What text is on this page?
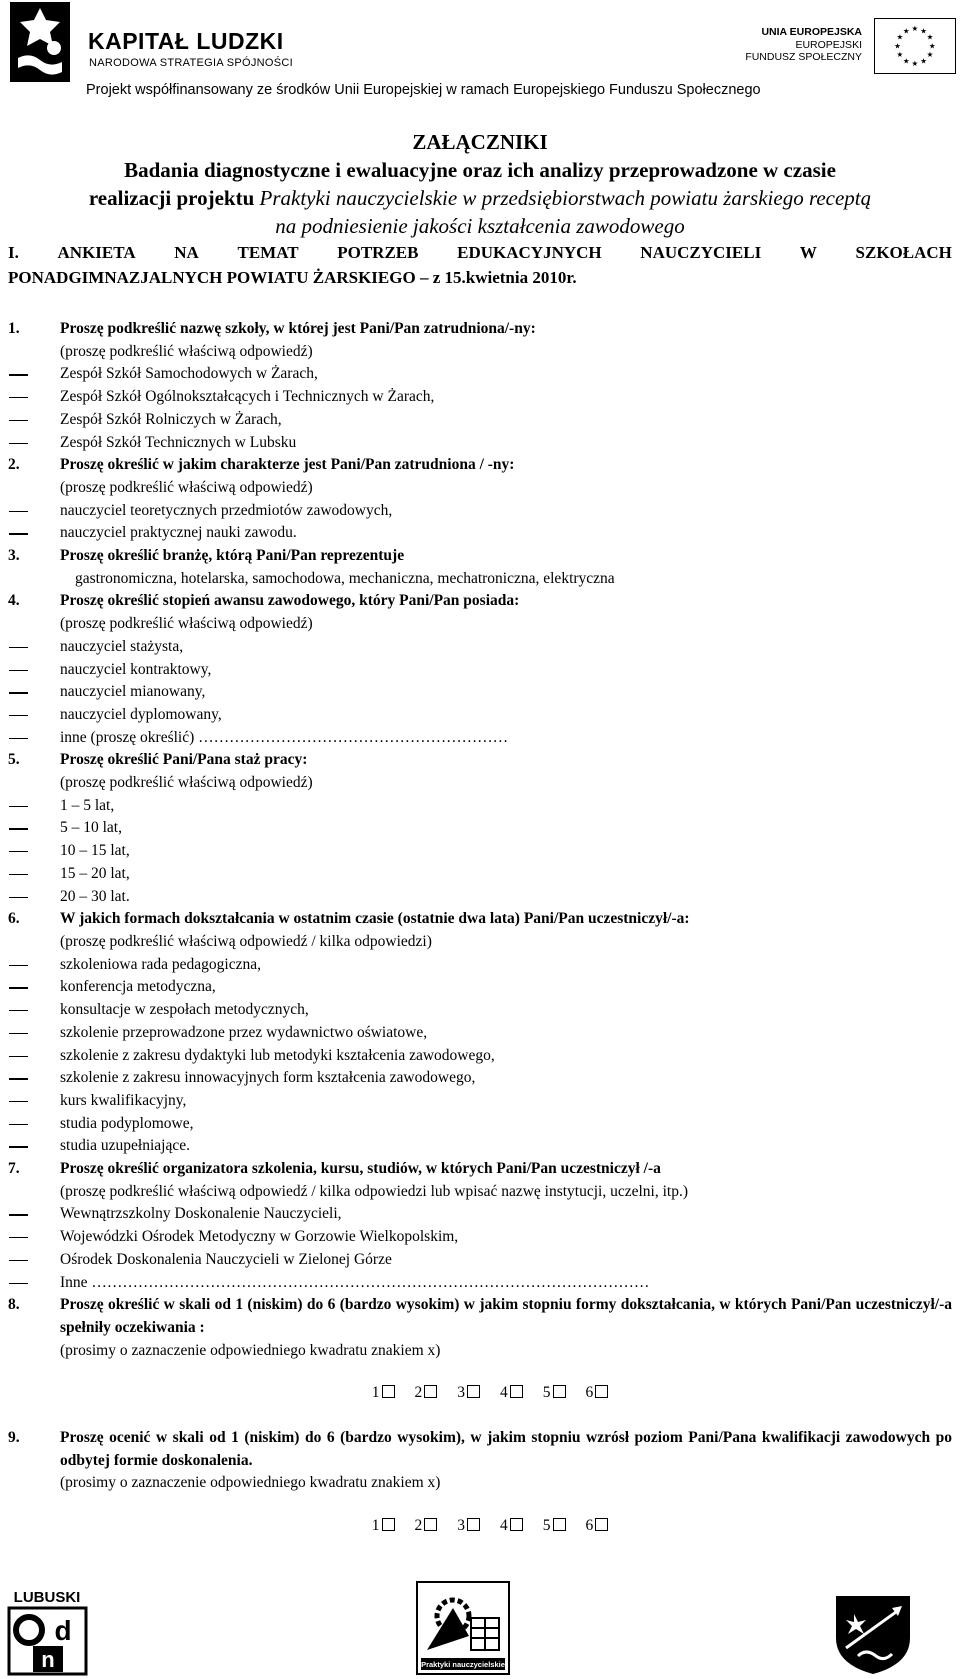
KAPITAŁ LUDZKI
NARODOWA STRATEGIA SPÓJNOŚCI
UNIA EUROPEJSKA
EUROPEJSKI
FUNDUSZ SPOŁECZNY
★
★
★
★
★
★
★
★
★ ★ ★
★
Projekt współfinansowany ze środków Unii Europejskiej w ramach Europejskiego Funduszu Społecznego
ZAŁĄCZNIKI
Badania diagnostyczne i ewaluacyjne oraz ich analizy przeprowadzone w czasie
realizacji projektu Praktyki nauczycielskie w przedsiębiorstwach powiatu żarskiego receptą
na podniesienie jakości kształcenia zawodowego
I. ANKIETA NA TEMAT POTRZEB EDUKACYJNYCH NAUCZYCIELI W SZKOŁACH
PONADGIMNAZJALNYCH POWIATU ŻARSKIEGO – z 15.kwietnia 2010r.
1.	Proszę podkreślić nazwę szkoły, w której jest Pani/Pan zatrudniona/-ny:
(proszę podkreślić właściwą odpowiedź)
Zespół Szkół Samochodowych w Żarach,
Zespół Szkół Ogólnokształcących i Technicznych w Żarach,
Zespół Szkół Rolniczych w Żarach,
Zespół Szkół Technicznych w Lubsku
2.	Proszę określić w jakim charakterze jest Pani/Pan zatrudniona / -ny:
(proszę podkreślić właściwą odpowiedź)
nauczyciel teoretycznych przedmiotów zawodowych,
nauczyciel praktycznej nauki zawodu.
3.	Proszę określić branżę, którą Pani/Pan reprezentuje
gastronomiczna, hotelarska, samochodowa, mechaniczna, mechatroniczna, elektryczna
4.	Proszę określić stopień awansu zawodowego, który Pani/Pan posiada:
(proszę podkreślić właściwą odpowiedź)
nauczyciel stażysta,
nauczyciel kontraktowy,
nauczyciel mianowany,
nauczyciel dyplomowany,
inne (proszę określić) ……………………………………………………
5.	Proszę określić Pani/Pana staż pracy:
(proszę podkreślić właściwą odpowiedź)
1 – 5 lat,
5 – 10 lat,
10 – 15 lat,
15 – 20 lat,
20 – 30 lat.
6.	W jakich formach dokształcania w ostatnim czasie (ostatnie dwa lata) Pani/Pan uczestniczył/-a:
(proszę podkreślić właściwą odpowiedź / kilka odpowiedzi)
szkoleniowa rada pedagogiczna,
konferencja metodyczna,
konsultacje w zespołach metodycznych,
szkolenie przeprowadzone przez wydawnictwo oświatowe,
szkolenie z zakresu dydaktyki lub metodyki kształcenia zawodowego,
szkolenie z zakresu innowacyjnych form kształcenia zawodowego,
kurs kwalifikacyjny,
studia podyplomowe,
studia uzupełniające.
7.	Proszę określić organizatora szkolenia, kursu, studiów, w których Pani/Pan uczestniczył /-a
(proszę podkreślić właściwą odpowiedź / kilka odpowiedzi lub wpisać nazwę instytucji, uczelni, itp.)
Wewnątrzszkolny Doskonalenie Nauczycieli,
Wojewódzki Ośrodek Metodyczny w Gorzowie Wielkopolskim,
Ośrodek Doskonalenia Nauczycieli w Zielonej Górze
Inne ………………………………………………………………………………………………
8.	Proszę określić w skali od 1 (niskim) do 6 (bardzo wysokim) w jakim stopniu formy dokształcania, w których Pani/Pan uczestniczył/-a spełniły oczekiwania :
(prosimy o zaznaczenie odpowiedniego kwadratu znakiem x)
1 2 3 4 5 6
9.	Proszę ocenić w skali od 1 (niskim) do 6 (bardzo wysokim), w jakim stopniu wzrósł poziom Pani/Pana kwalifikacji zawodowych po odbytej formie doskonalenia.
(prosimy o zaznaczenie odpowiedniego kwadratu znakiem x)
1 2 3 4 5 6
LUBUSKI
d
n	Praktyki nauczycielskie
